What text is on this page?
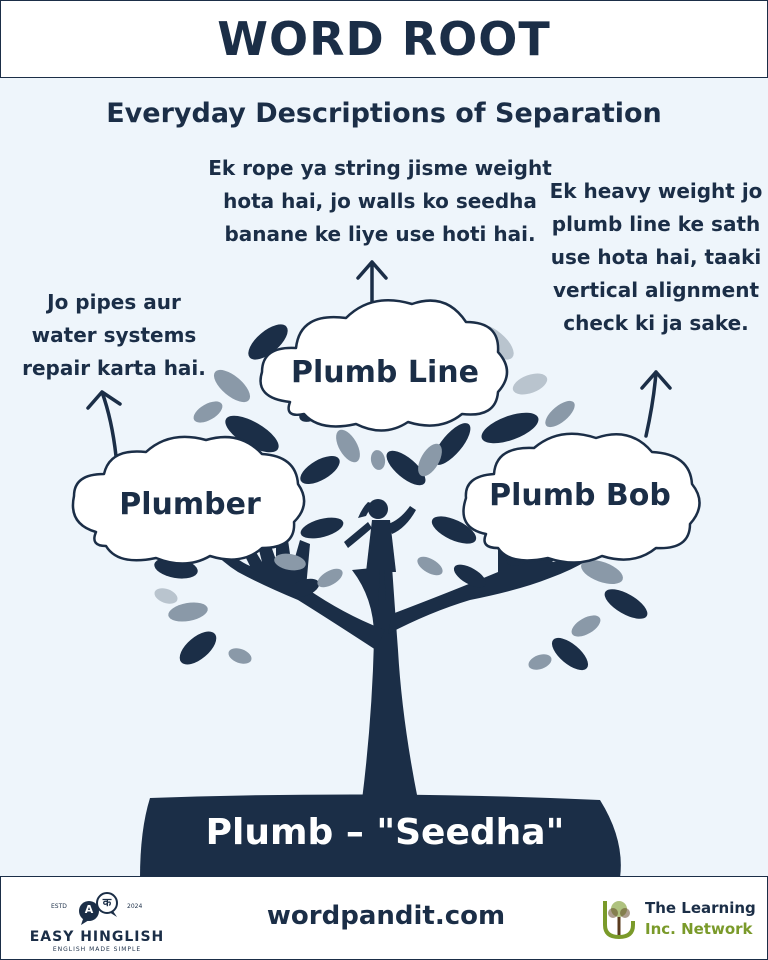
WORD ROOT
Everyday Descriptions of Separation
Ek rope ya string jisme weight hota hai, jo walls ko seedha banane ke liye use hoti hai.
Jo pipes aur water systems repair karta hai.
Ek heavy weight jo plumb line ke sath use hota hai, taaki vertical alignment check ki ja sake.
Plumb Line
Plumber	Plumb Bob
Plumb – "Seedha"
A
क
ESTD	2024
EASY HINGLISH
ENGLISH MADE SIMPLE
wordpandit.com	The Learning
Inc. Network
